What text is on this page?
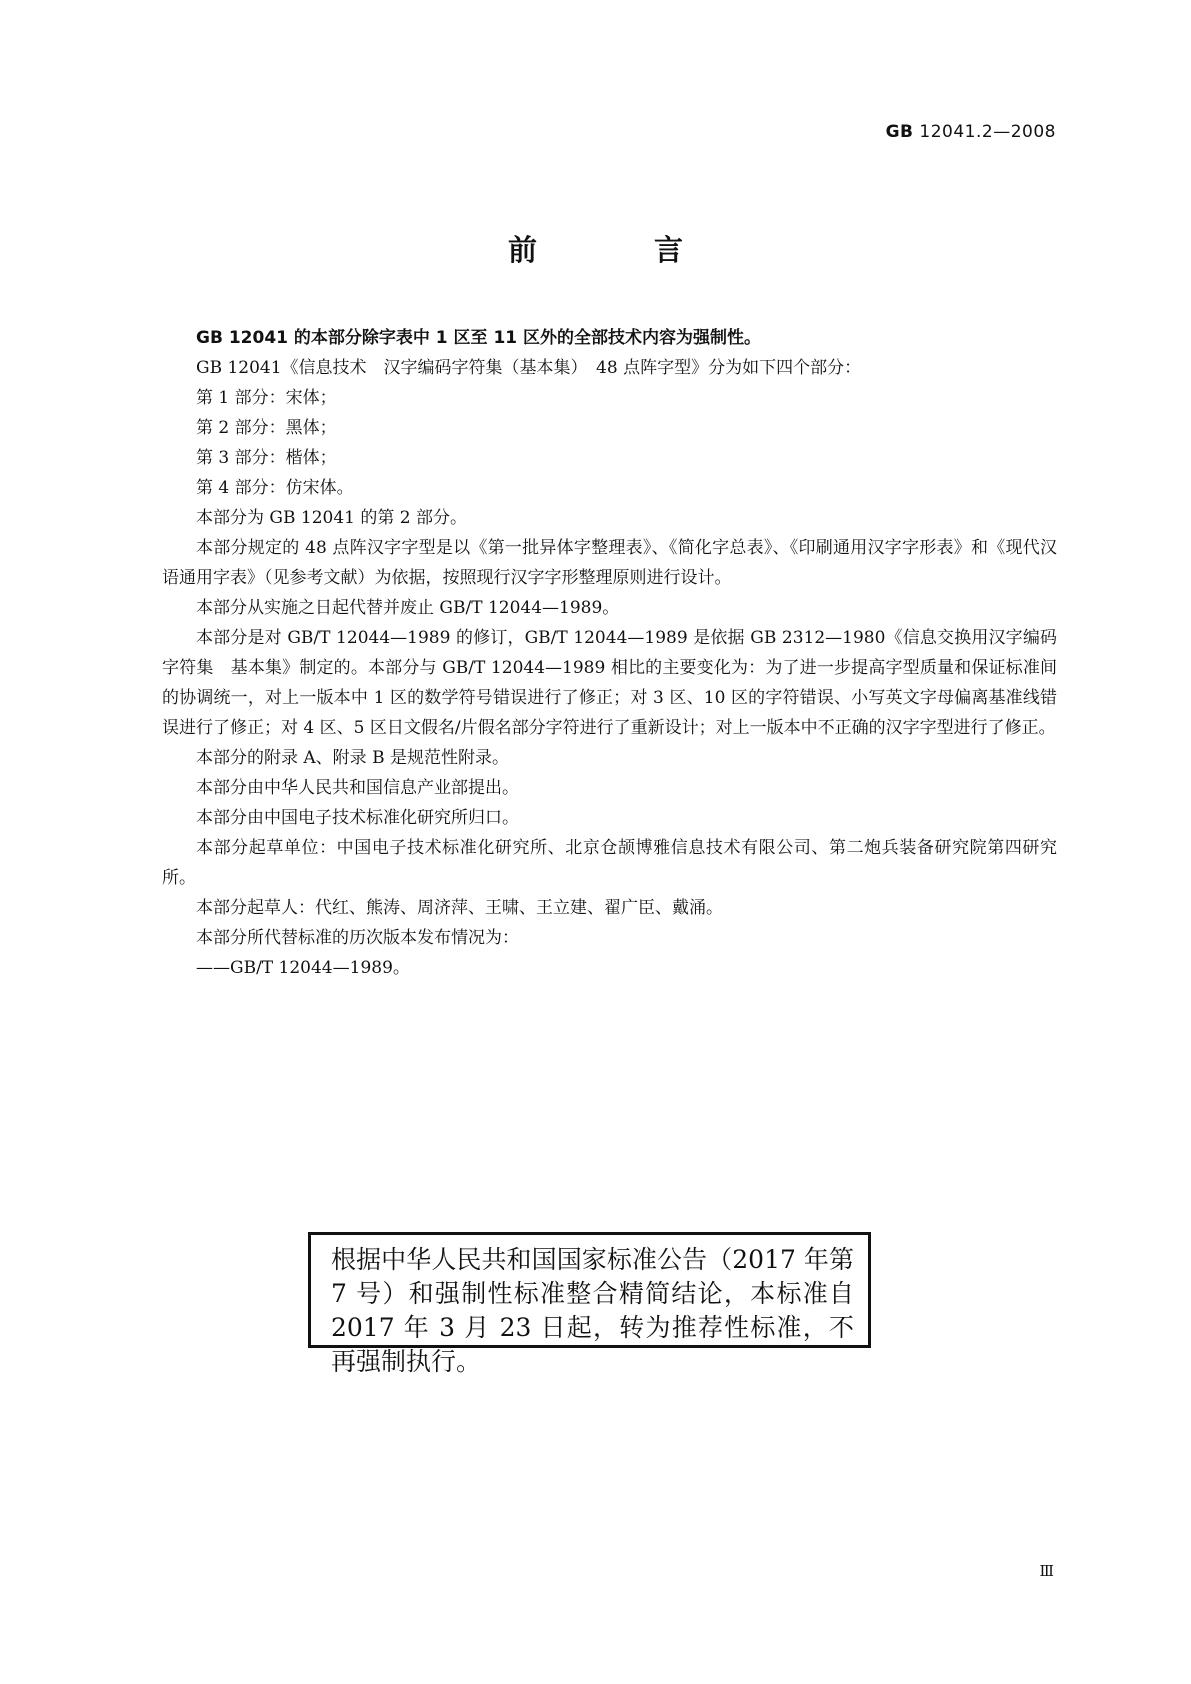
GB 12041.2—2008
前　言

GB 12041 的本部分除字表中 1 区至 11 区外的全部技术内容为强制性。

GB 12041《信息技术　汉字编码字符集（基本集）　48 点阵字型》分为如下四个部分：

第 1 部分：宋体；

第 2 部分：黑体；

第 3 部分：楷体；

第 4 部分：仿宋体。

本部分为 GB 12041 的第 2 部分。

本部分规定的 48 点阵汉字字型是以《第一批异体字整理表》、《简化字总表》、《印刷通用汉字字形表》和《现代汉语通用字表》（见参考文献）为依据，按照现行汉字字形整理原则进行设计。

本部分从实施之日起代替并废止 GB/T 12044—1989。

本部分是对 GB/T 12044—1989 的修订，GB/T 12044—1989 是依据 GB 2312—1980《信息交换用汉字编码字符集　基本集》制定的。本部分与 GB/T 12044—1989 相比的主要变化为：为了进一步提高字型质量和保证标准间的协调统一，对上一版本中 1 区的数学符号错误进行了修正；对 3 区、10 区的字符错误、小写英文字母偏离基准线错误进行了修正；对 4 区、5 区日文假名/片假名部分字符进行了重新设计；对上一版本中不正确的汉字字型进行了修正。

本部分的附录 A、附录 B 是规范性附录。

本部分由中华人民共和国信息产业部提出。

本部分由中国电子技术标准化研究所归口。

本部分起草单位：中国电子技术标准化研究所、北京仓颉博雅信息技术有限公司、第二炮兵装备研究院第四研究所。

本部分起草人：代红、熊涛、周济萍、王啸、王立建、翟广臣、戴涌。

本部分所代替标准的历次版本发布情况为：

——GB/T 12044—1989。

根据中华人民共和国国家标准公告（2017 年第 7 号）和强制性标准整合精简结论，本标准自 2017 年 3 月 23 日起，转为推荐性标准，不再强制执行。
Ⅲ
